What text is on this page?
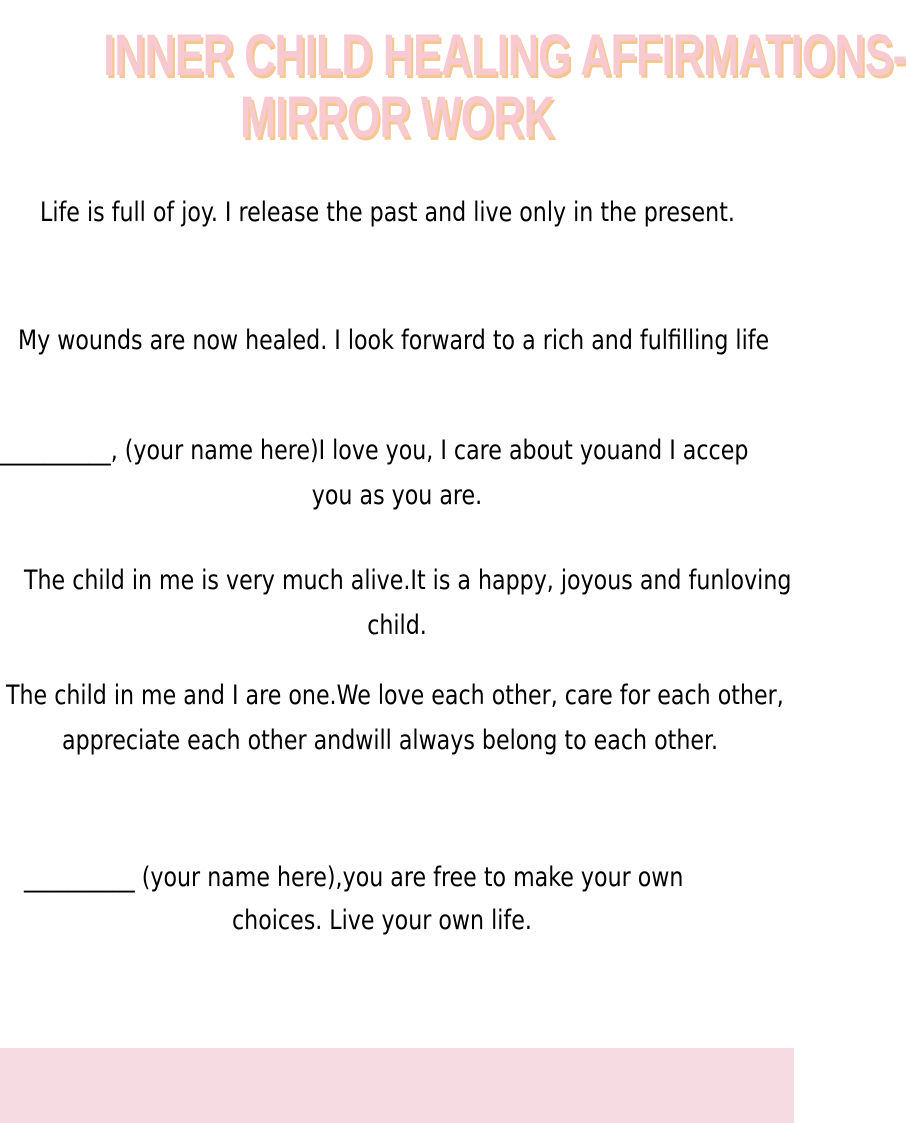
INNER CHILD HEALING AFFIRMATIONS-
MIRROR WORK
Life is full of joy. I release the past and live only in the present.
My wounds are now healed. I look forward to a rich and fulfilling life
__________, (your name here)I love you, I care about youand I accep
you as you are.
The child in me is very much alive.It is a happy, joyous and funloving
child.
The child in me and I are one.We love each other, care for each other,
appreciate each other andwill always belong to each other.
__________ (your name here),you are free to make your own
choices. Live your own life.
